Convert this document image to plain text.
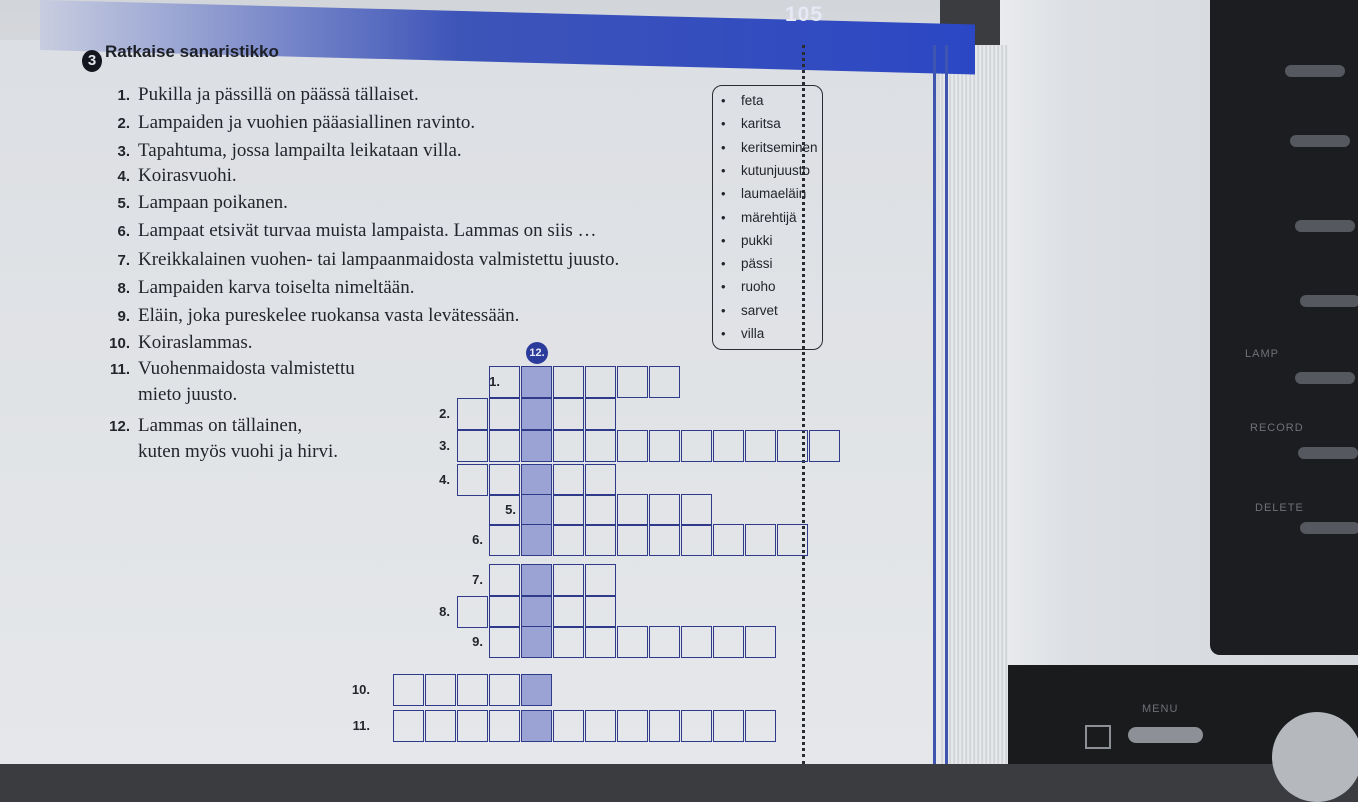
LAMP
RECORD
DELETE
MENU
105
3 Ratkaise sanaristikko
1. Pukilla ja pässillä on päässä tällaiset.
2. Lampaiden ja vuohien pääasiallinen ravinto.
3. Tapahtuma, jossa lampailta leikataan villa.
4. Koirasvuohi.
5. Lampaan poikanen.
6. Lampaat etsivät turvaa muista lampaista. Lammas on siis …
7. Kreikkalainen vuohen- tai lampaanmaidosta valmistettu juusto.
8. Lampaiden karva toiselta nimeltään.
9. Eläin, joka pureskelee ruokansa vasta levätessään.
10. Koiraslammas.
11. Vuohenmaidosta valmistettu
mieto juusto.
12. Lammas on tällainen,
kuten myös vuohi ja hirvi.
• feta
• karitsa
• keritseminen
• kutunjuusto
• laumaeläin
• märehtijä
• pukki
• pässi
• ruoho
• sarvet
• villa
12.
1.
2.
3.
4.
5.
6.
7.
8.
9.
10.
11.
